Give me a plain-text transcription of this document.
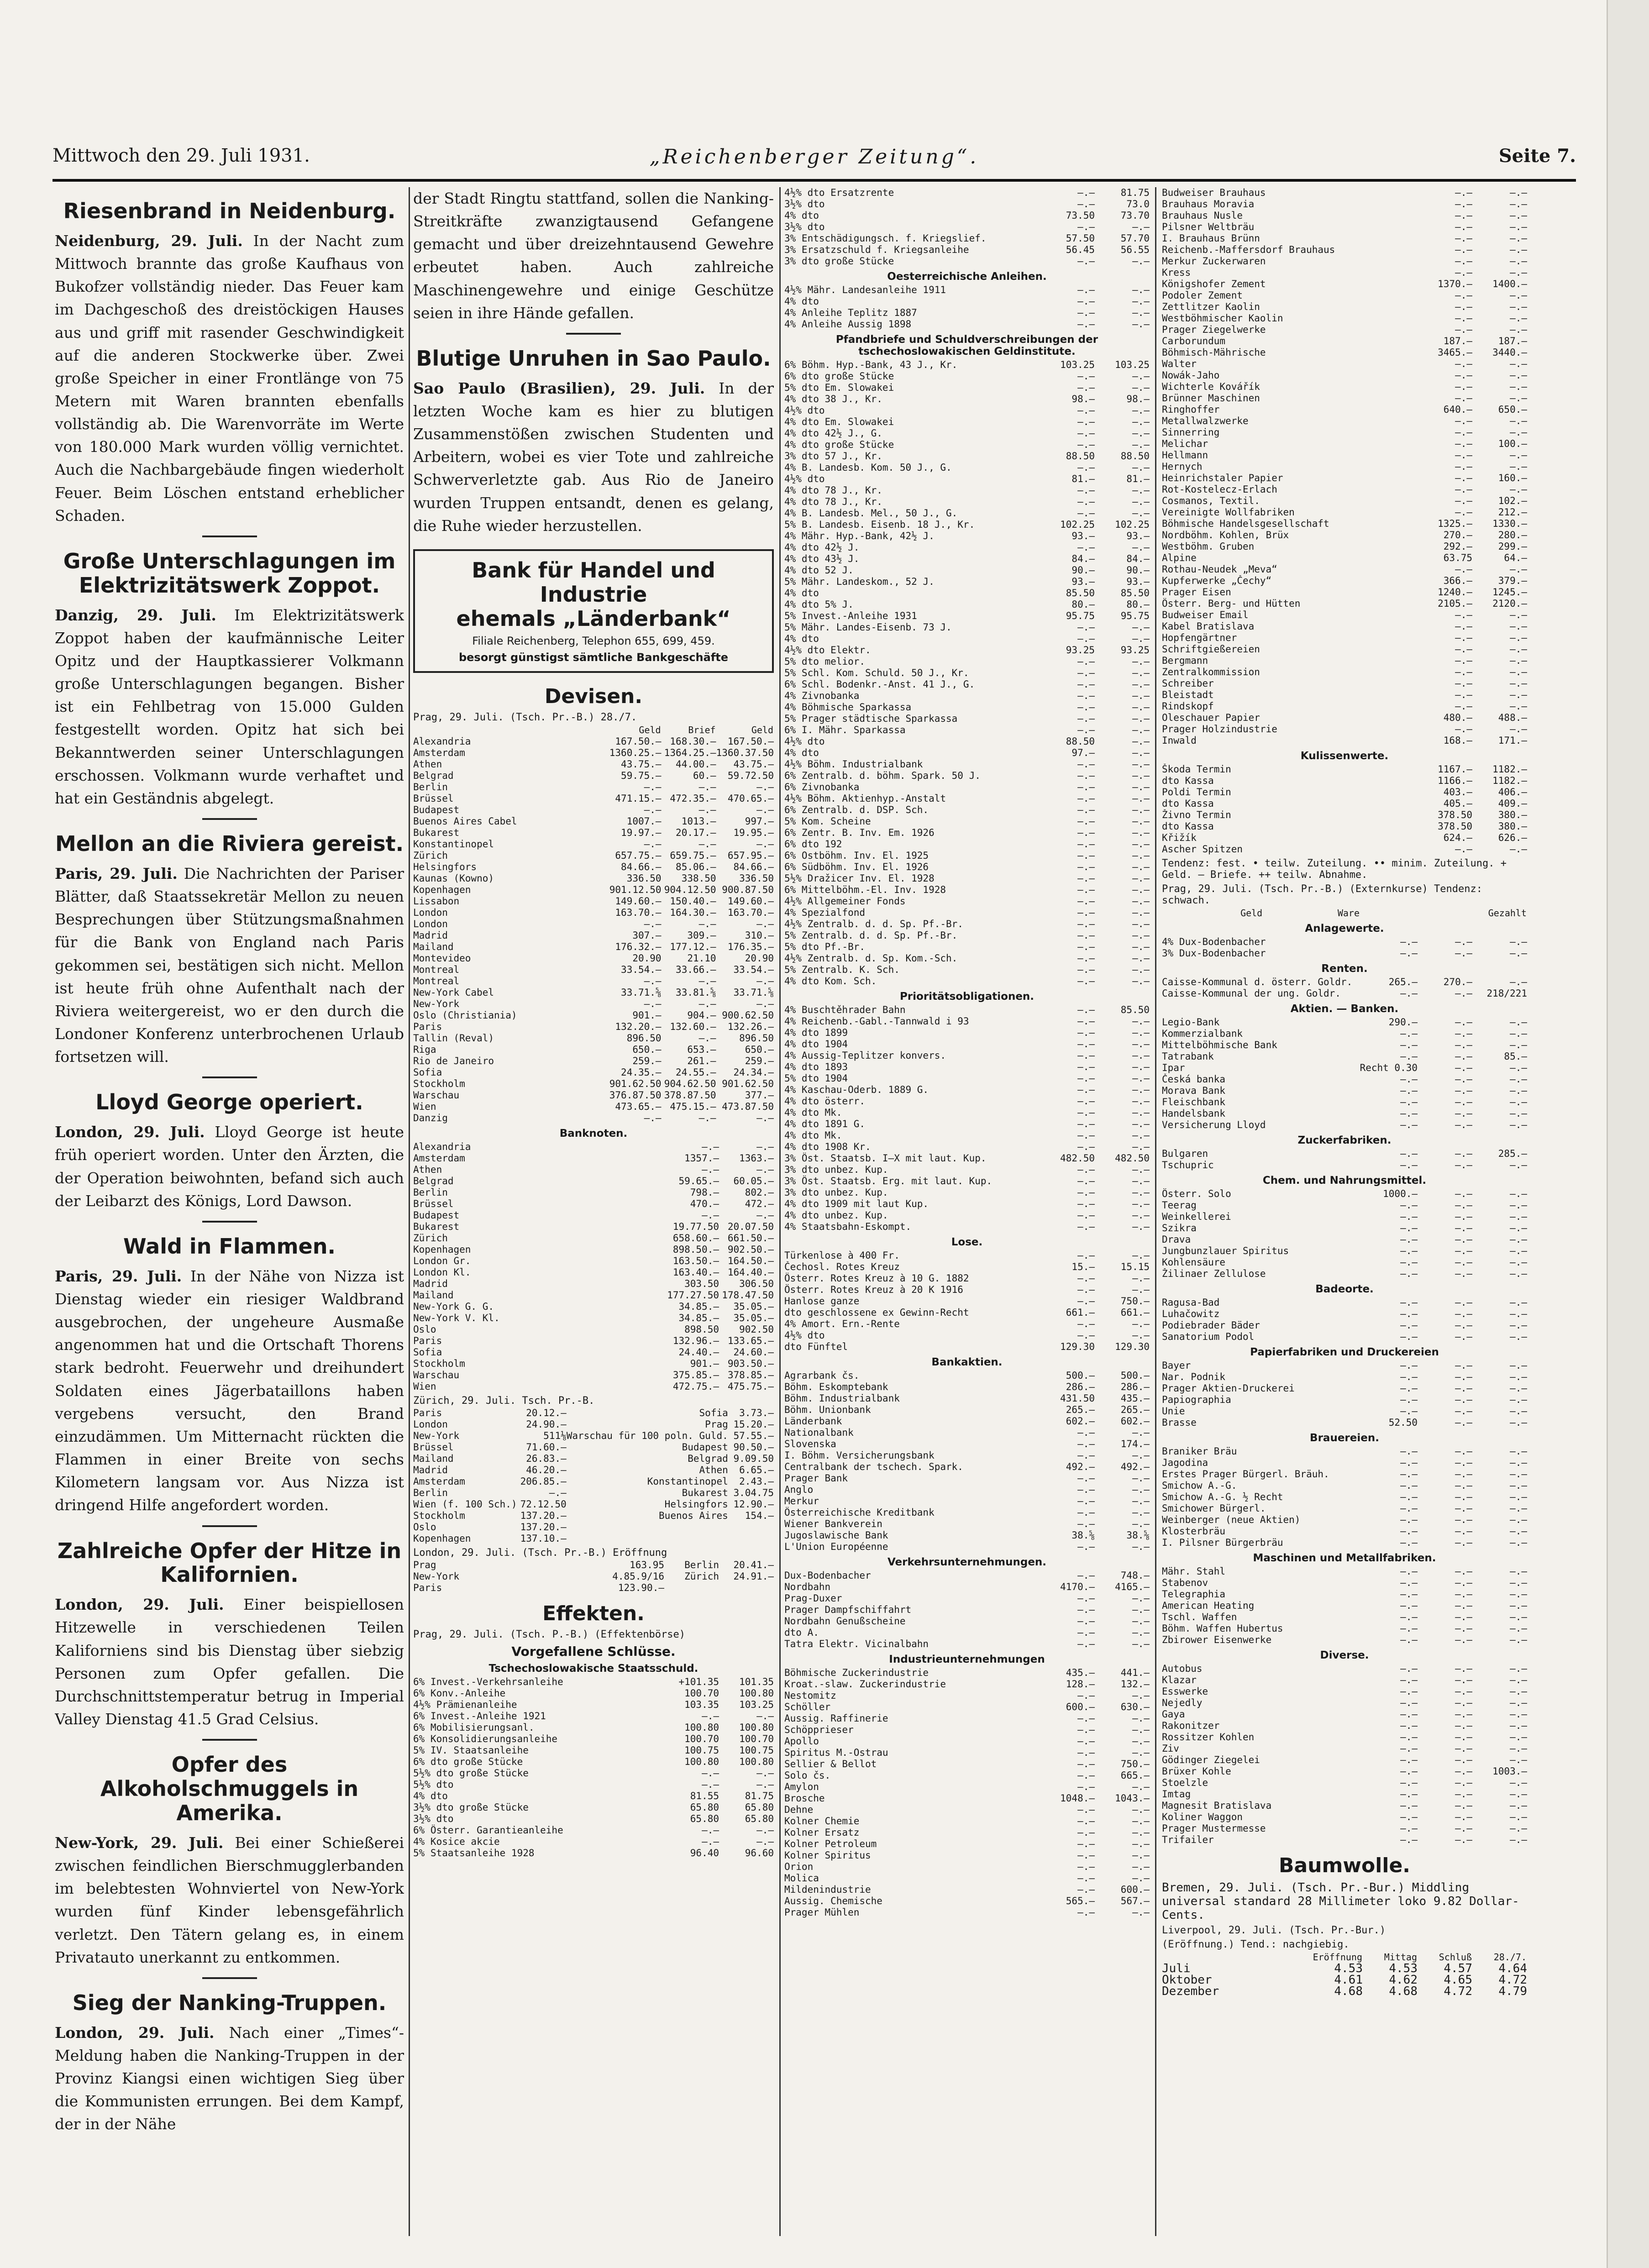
Mittwoch den 29. Juli 1931.	„Reichenberger Zeitung“.	Seite 7.
Riesenbrand in Neidenburg.

Neidenburg, 29. Juli. In der Nacht zum Mittwoch brannte das große Kaufhaus von Bukofzer vollständig nieder. Das Feuer kam im Dachgeschoß des dreistöckigen Hauses aus und griff mit rasender Geschwindigkeit auf die anderen Stockwerke über. Zwei große Speicher in einer Frontlänge von 75 Metern mit Waren brannten ebenfalls vollständig ab. Die Warenvorräte im Werte von 180.000 Mark wurden völlig vernichtet. Auch die Nachbargebäude fingen wiederholt Feuer. Beim Löschen entstand erheblicher Schaden.

Große Unterschlagungen im Elektrizitätswerk Zoppot.

Danzig, 29. Juli. Im Elektrizitätswerk Zoppot haben der kaufmännische Leiter Opitz und der Hauptkassierer Volkmann große Unterschlagungen begangen. Bisher ist ein Fehlbetrag von 15.000 Gulden festgestellt worden. Opitz hat sich bei Bekanntwerden seiner Unterschlagungen erschossen. Volkmann wurde verhaftet und hat ein Geständnis abgelegt.

Mellon an die Riviera gereist.

Paris, 29. Juli. Die Nachrichten der Pariser Blätter, daß Staatssekretär Mellon zu neuen Besprechungen über Stützungsmaßnahmen für die Bank von England nach Paris gekommen sei, bestätigen sich nicht. Mellon ist heute früh ohne Aufenthalt nach der Riviera weitergereist, wo er den durch die Londoner Konferenz unterbrochenen Urlaub fortsetzen will.

Lloyd George operiert.

London, 29. Juli. Lloyd George ist heute früh operiert worden. Unter den Ärzten, die der Operation beiwohnten, befand sich auch der Leibarzt des Königs, Lord Dawson.

Wald in Flammen.

Paris, 29. Juli. In der Nähe von Nizza ist Dienstag wieder ein riesiger Waldbrand ausgebrochen, der ungeheure Ausmaße angenommen hat und die Ortschaft Thorens stark bedroht. Feuerwehr und dreihundert Soldaten eines Jägerbataillons haben vergebens versucht, den Brand einzudämmen. Um Mitternacht rückten die Flammen in einer Breite von sechs Kilometern langsam vor. Aus Nizza ist dringend Hilfe angefordert worden.

Zahlreiche Opfer der Hitze in Kalifornien.

London, 29. Juli. Einer beispiellosen Hitzewelle in verschiedenen Teilen Kaliforniens sind bis Dienstag über siebzig Personen zum Opfer gefallen. Die Durchschnittstemperatur betrug in Imperial Valley Dienstag 41.5 Grad Celsius.

Opfer des Alkoholschmuggels in Amerika.

New-York, 29. Juli. Bei einer Schießerei zwischen feindlichen Bierschmugglerbanden im belebtesten Wohnviertel von New-York wurden fünf Kinder lebensgefährlich verletzt. Den Tätern gelang es, in einem Privatauto unerkannt zu entkommen.

Sieg der Nanking-Truppen.

London, 29. Juli. Nach einer „Times“-Meldung haben die Nanking-Truppen in der Provinz Kiangsi einen wichtigen Sieg über die Kommunisten errungen. Bei dem Kampf, der in der Nähe

der Stadt Ringtu stattfand, sollen die Nanking-Streitkräfte zwanzigtausend Gefangene gemacht und über dreizehntausend Gewehre erbeutet haben. Auch zahlreiche Maschinengewehre und einige Geschütze seien in ihre Hände gefallen.

Blutige Unruhen in Sao Paulo.

Sao Paulo (Brasilien), 29. Juli. In der letzten Woche kam es hier zu blutigen Zusammenstößen zwischen Studenten und Arbeitern, wobei es vier Tote und zahlreiche Schwerverletzte gab. Aus Rio de Janeiro wurden Truppen entsandt, denen es gelang, die Ruhe wieder herzustellen.

Bank für Handel und Industrie
ehemals „Länderbank“
Filiale Reichenberg, Telephon 655, 699, 459.
besorgt günstigst sämtliche Bankgeschäfte
Devisen.
Prag, 29. Juli. (Tsch. Pr.-B.) 28./7.
	Geld	Brief	Geld
Alexandria	167.50.—	168.30.—	167.50.—
Amsterdam	1360.25.—	1364.25.—	1360.37.50
Athen	43.75.—	44.00.—	43.75.—
Belgrad	59.75.—	60.—	59.72.50
Berlin	—.—	—.—	—.—
Brüssel	471.15.—	472.35.—	470.65.—
Budapest	—.—	—.—	—.—
Buenos Aires Cabel	1007.—	1013.—	997.—
Bukarest	19.97.—	20.17.—	19.95.—
Konstantinopel	—.—	—.—	—.—
Zürich	657.75.—	659.75.—	657.95.—
Helsingfors	84.66.—	85.06.—	84.66.—
Kaunas (Kowno)	336.50	338.50	336.50
Kopenhagen	901.12.50	904.12.50	900.87.50
Lissabon	149.60.—	150.40.—	149.60.—
London	163.70.—	164.30.—	163.70.—
London	—.—	—.—	—.—
Madrid	307.—	309.—	310.—
Mailand	176.32.—	177.12.—	176.35.—
Montevideo	20.90	21.10	20.90
Montreal	33.54.—	33.66.—	33.54.—
Montreal	—.—	—.—	—.—
New-York Cabel	33.71.⅝	33.81.⅝	33.71.⅝
New-York	—.—	—.—	—.—
Oslo (Christiania)	901.—	904.—	900.62.50
Paris	132.20.—	132.60.—	132.26.—
Tallin (Reval)	896.50	—.—	896.50
Riga	650.—	653.—	650.—
Rio de Janeiro	259.—	261.—	259.—
Sofia	24.35.—	24.55.—	24.34.—
Stockholm	901.62.50	904.62.50	901.62.50
Warschau	376.87.50	378.87.50	377.—
Wien	473.65.—	475.15.—	473.87.50
Danzig	—.—	—.—	—.—
Banknoten.
Alexandria	—.—	—.—
Amsterdam	1357.—	1363.—
Athen	—.—	—.—
Belgrad	59.65.—	60.05.—
Berlin	798.—	802.—
Brüssel	470.—	472.—
Budapest	—.—	—.—
Bukarest	19.77.50	20.07.50
Zürich	658.60.—	661.50.—
Kopenhagen	898.50.—	902.50.—
London Gr.	163.50.—	164.50.—
London Kl.	163.40.—	164.40.—
Madrid	303.50	306.50
Mailand	177.27.50	178.47.50
New-York G. G.	34.85.—	35.05.—
New-York V. Kl.	34.85.—	35.05.—
Oslo	898.50	902.50
Paris	132.96.—	133.65.—
Sofia	24.40.—	24.60.—
Stockholm	901.—	903.50.—
Warschau	375.85.—	378.85.—
Wien	472.75.—	475.75.—
Zürich, 29. Juli. Tsch. Pr.-B.
Paris	20.12.—	Sofia	3.73.—
London	24.90.—	Prag	15.20.—
New-York	511⅛	Warschau für 100 poln. Guld.	57.55.—
Brüssel	71.60.—	Budapest	90.50.—
Mailand	26.83.—	Belgrad	9.09.50
Madrid	46.20.—	Athen	6.65.—
Amsterdam	206.85.—	Konstantinopel	2.43.—
Berlin	—.—	Bukarest	3.04.75
Wien (f. 100 Sch.)	72.12.50	Helsingfors	12.90.—
Stockholm	137.20.—	Buenos Aires	154.—
Oslo	137.20.—		
Kopenhagen	137.10.—		
London, 29. Juli. (Tsch. Pr.-B.) Eröffnung
Prag	163.95	Berlin	20.41.—
New-York	4.85.9/16	Zürich	24.91.—
Paris	123.90.—		
Effekten.
Prag, 29. Juli. (Tsch. P.-B.) (Effektenbörse)
Vorgefallene Schlüsse.
Tschechoslowakische Staatsschuld.
6% Invest.-Verkehrsanleihe	+101.35	101.35
6% Konv.-Anleihe	100.70	100.80
4½% Prämienanleihe	103.35	103.25
6% Invest.-Anleihe 1921	—.—	—.—
6% Mobilisierungsanl.	100.80	100.80
6% Konsolidierungsanleihe	100.70	100.70
5% IV. Staatsanleihe	100.75	100.75
6% dto große Stücke	100.80	100.80
5½% dto große Stücke	—.—	—.—
5½% dto	—.—	—.—
4% dto	81.55	81.75
3½% dto große Stücke	65.80	65.80
3½% dto	65.80	65.80
6% Österr. Garantieanleihe	—.—	—.—
4% Kosice akcie	—.—	—.—
5% Staatsanleihe 1928	96.40	96.60
4½% dto Ersatzrente	—.—	81.75
3½% dto	—.—	73.0
4% dto	73.50	73.70
3½% dto	—.—	—.—
3% Entschädigungsch. f. Kriegslief.	57.50	57.70
3% Ersatzschuld f. Kriegsanleihe	56.45	56.55
3% dto große Stücke	—.—	—.—
Oesterreichische Anleihen.
4½% Mähr. Landesanleihe 1911	—.—	—.—
4% dto	—.—	—.—
4% Anleihe Teplitz 1887	—.—	—.—
4% Anleihe Aussig 1898	—.—	—.—
Pfandbriefe und Schuldverschreibungen der tschechoslowakischen Geldinstitute.
6% Böhm. Hyp.-Bank, 43 J., Kr.	103.25	103.25
6% dto große Stücke	—.—	—.—
5% dto Em. Slowakei	—.—	—.—
4% dto 38 J., Kr.	98.—	98.—
4½% dto	—.—	—.—
4% dto Em. Slowakei	—.—	—.—
4% dto 42½ J., G.	—.—	—.—
4% dto große Stücke	—.—	—.—
3% dto 57 J., Kr.	88.50	88.50
4% B. Landesb. Kom. 50 J., G.	—.—	—.—
4½% dto	81.—	81.—
4% dto 78 J., Kr.	—.—	—.—
4% dto 78 J., Kr.	—.—	—.—
4% B. Landesb. Mel., 50 J., G.	—.—	—.—
5% B. Landesb. Eisenb. 18 J., Kr.	102.25	102.25
4% Mähr. Hyp.-Bank, 42½ J.	93.—	93.—
4% dto 42½ J.	—.—	—.—
4% dto 43½ J.	84.—	84.—
4% dto 52 J.	90.—	90.—
5% Mähr. Landeskom., 52 J.	93.—	93.—
4% dto	85.50	85.50
4% dto 5% J.	80.—	80.—
5% Invest.-Anleihe 1931	95.75	95.75
5% Mähr. Landes-Eisenb. 73 J.	—.—	—.—
4% dto	—.—	—.—
4½% dto Elektr.	93.25	93.25
5% dto melior.	—.—	—.—
5% Schl. Kom. Schuld. 50 J., Kr.	—.—	—.—
6% Schl. Bodenkr.-Anst. 41 J., G.	—.—	—.—
4% Zivnobanka	—.—	—.—
4% Böhmische Sparkassa	—.—	—.—
5% Prager städtische Sparkassa	—.—	—.—
6% I. Mähr. Sparkassa	—.—	—.—
4½% dto	88.50	—.—
4% dto	97.—	—.—
4½% Böhm. Industrialbank	—.—	—.—
6% Zentralb. d. böhm. Spark. 50 J.	—.—	—.—
6% Zivnobanka	—.—	—.—
4½% Böhm. Aktienhyp.-Anstalt	—.—	—.—
6% Zentralb. d. DSP. Sch.	—.—	—.—
5% Kom. Scheine	—.—	—.—
6% Zentr. B. Inv. Em. 1926	—.—	—.—
6% dto 192	—.—	—.—
6% Ostböhm. Inv. El. 1925	—.—	—.—
6% Südböhm. Inv. El. 1926	—.—	—.—
5½% Dražicer Inv. El. 1928	—.—	—.—
6% Mittelböhm.-El. Inv. 1928	—.—	—.—
4½% Allgemeiner Fonds	—.—	—.—
4% Spezialfond	—.—	—.—
4½% Zentralb. d. d. Sp. Pf.-Br.	—.—	—.—
5% Zentralb. d. d. Sp. Pf.-Br.	—.—	—.—
5% dto Pf.-Br.	—.—	—.—
4½% Zentralb. d. Sp. Kom.-Sch.	—.—	—.—
5% Zentralb. K. Sch.	—.—	—.—
4% dto Kom. Sch.	—.—	—.—
Prioritätsobligationen.
4% Buschtěhrader Bahn	—.—	85.50
4% Reichenb.-Gabl.-Tannwald i 93	—.—	—.—
4% dto 1899	—.—	—.—
4% dto 1904	—.—	—.—
4% Aussig-Teplitzer konvers.	—.—	—.—
4% dto 1893	—.—	—.—
5% dto 1904	—.—	—.—
4% Kaschau-Oderb. 1889 G.	—.—	—.—
4% dto österr.	—.—	—.—
4% dto Mk.	—.—	—.—
4% dto 1891 G.	—.—	—.—
4% dto Mk.	—.—	—.—
4% dto 1908 Kr.	—.—	—.—
3% Öst. Staatsb. I—X mit laut. Kup.	482.50	482.50
3% dto unbez. Kup.	—.—	—.—
3% Öst. Staatsb. Erg. mit laut. Kup.	—.—	—.—
3% dto unbez. Kup.	—.—	—.—
4% dto 1909 mit laut Kup.	—.—	—.—
4% dto unbez. Kup.	—.—	—.—
4% Staatsbahn-Eskompt.	—.—	—.—
Lose.
Türkenlose à 400 Fr.	—.—	—.—
Čechosl. Rotes Kreuz	15.—	15.15
Österr. Rotes Kreuz à 10 G. 1882	—.—	—.—
Österr. Rotes Kreuz à 20 K 1916	—.—	—.—
Hanlose ganze	—.—	750.—
dto geschlossene ex Gewinn-Recht	661.—	661.—
4% Amort. Ern.-Rente	—.—	—.—
4½% dto	—.—	—.—
dto Fünftel	129.30	129.30
Bankaktien.
Agrarbank čs.	500.—	500.—
Böhm. Eskomptebank	286.—	286.—
Böhm. Industrialbank	431.50	435.—
Böhm. Unionbank	265.—	265.—
Länderbank	602.—	602.—
Nationalbank	—.—	—.—
Slovenska	—.—	174.—
I. Böhm. Versicherungsbank	—.—	—.—
Centralbank der tschech. Spark.	492.—	492.—
Prager Bank	—.—	—.—
Anglo	—.—	—.—
Merkur	—.—	—.—
Österreichische Kreditbank	—.—	—.—
Wiener Bankverein	—.—	—.—
Jugoslawische Bank	38.⅝	38.⅝
L'Union Européenne	—.—	—.—
Verkehrsunternehmungen.
Dux-Bodenbacher	—.—	748.—
Nordbahn	4170.—	4165.—
Prag-Duxer	—.—	—.—
Prager Dampfschiffahrt	—.—	—.—
Nordbahn Genußscheine	—.—	—.—
dto A.	—.—	—.—
Tatra Elektr. Vicinalbahn	—.—	—.—
Industrieunternehmungen
Böhmische Zuckerindustrie	435.—	441.—
Kroat.-slaw. Zuckerindustrie	128.—	132.—
Nestomitz	—.—	—.—
Schöller	600.—	630.—
Aussig. Raffinerie	—.—	—.—
Schöpprieser	—.—	—.—
Apollo	—.—	—.—
Spiritus M.-Ostrau	—.—	—.—
Sellier & Bellot	—.—	750.—
Solo čs.	—.—	665.—
Amylon	—.—	—.—
Brosche	1048.—	1043.—
Dehne	—.—	—.—
Kolner Chemie	—.—	—.—
Kolner Ersatz	—.—	—.—
Kolner Petroleum	—.—	—.—
Kolner Spiritus	—.—	—.—
Orion	—.—	—.—
Molica	—.—	—.—
Mildenindustrie	—.—	600.—
Aussig. Chemische	565.—	567.—
Prager Mühlen	—.—	—.—
Budweiser Brauhaus	—.—	—.—
Brauhaus Moravia	—.—	—.—
Brauhaus Nusle	—.—	—.—
Pilsner Weltbräu	—.—	—.—
I. Brauhaus Brünn	—.—	—.—
Reichenb.-Maffersdorf Brauhaus	—.—	—.—
Merkur Zuckerwaren	—.—	—.—
Kress	—.—	—.—
Königshofer Zement	1370.—	1400.—
Podoler Zement	—.—	—.—
Zettlitzer Kaolin	—.—	—.—
Westböhmischer Kaolin	—.—	—.—
Prager Ziegelwerke	—.—	—.—
Carborundum	187.—	187.—
Böhmisch-Mährische	3465.—	3440.—
Walter	—.—	—.—
Nowák-Jaho	—.—	—.—
Wichterle Kovářík	—.—	—.—
Brünner Maschinen	—.—	—.—
Ringhoffer	640.—	650.—
Metallwalzwerke	—.—	—.—
Sinnerring	—.—	—.—
Melichar	—.—	100.—
Hellmann	—.—	—.—
Hernych	—.—	—.—
Heinrichstaler Papier	—.—	160.—
Rot-Kostelecz-Erlach	—.—	—.—
Cosmanos, Textil.	—.—	102.—
Vereinigte Wollfabriken	—.—	212.—
Böhmische Handelsgesellschaft	1325.—	1330.—
Nordböhm. Kohlen, Brüx	270.—	280.—
Westböhm. Gruben	292.—	299.—
Alpine	63.75	64.—
Rothau-Neudek „Meva“	—.—	—.—
Kupferwerke „Čechy“	366.—	379.—
Prager Eisen	1240.—	1245.—
Österr. Berg- und Hütten	2105.—	2120.—
Budweiser Email	—.—	—.—
Kabel Bratislava	—.—	—.—
Hopfengärtner	—.—	—.—
Schriftgießereien	—.—	—.—
Bergmann	—.—	—.—
Zentralkommission	—.—	—.—
Schreiber	—.—	—.—
Bleistadt	—.—	—.—
Rindskopf	—.—	—.—
Oleschauer Papier	480.—	488.—
Prager Holzindustrie	—.—	—.—
Inwald	168.—	171.—
Kulissenwerte.
Škoda Termin	1167.—	1182.—
dto Kassa	1166.—	1182.—
Poldi Termin	403.—	406.—
dto Kassa	405.—	409.—
Živno Termin	378.50	380.—
dto Kassa	378.50	380.—
Křižík	624.—	626.—
Ascher Spitzen	—.—	—.—
Tendenz: fest. • teilw. Zuteilung. •• minim. Zuteilung. + Geld. — Briefe. ++ teilw. Abnahme.
Prag, 29. Juli. (Tsch. Pr.-B.) (Externkurse) Tendenz: schwach.
	Geld	Ware	Gezahlt
Anlagewerte.
4% Dux-Bodenbacher	—.—	—.—	—.—
3% Dux-Bodenbacher	—.—	—.—	—.—
Renten.
Caisse-Kommunal d. österr. Goldr.	265.—	270.—	—.—
Caisse-Kommunal der ung. Goldr.	—.—	—.—	218/221
Aktien. — Banken.
Legio-Bank	290.—	—.—	—.—
Kommerzialbank	—.—	—.—	—.—
Mittelböhmische Bank	—.—	—.—	—.—
Tatrabank	—.—	—.—	85.—
Ipar	Recht 0.30	—.—	—.—
Česká banka	—.—	—.—	—.—
Morava Bank	—.—	—.—	—.—
Fleischbank	—.—	—.—	—.—
Handelsbank	—.—	—.—	—.—
Versicherung Lloyd	—.—	—.—	—.—
Zuckerfabriken.
Bulgaren	—.—	—.—	285.—
Tschupric	—.—	—.—	—.—
Chem. und Nahrungsmittel.
Österr. Solo	1000.—	—.—	—.—
Teerag	—.—	—.—	—.—
Weinkellerei	—.—	—.—	—.—
Szikra	—.—	—.—	—.—
Drava	—.—	—.—	—.—
Jungbunzlauer Spiritus	—.—	—.—	—.—
Kohlensäure	—.—	—.—	—.—
Žilinaer Zellulose	—.—	—.—	—.—
Badeorte.
Ragusa-Bad	—.—	—.—	—.—
Luhačowitz	—.—	—.—	—.—
Podiebrader Bäder	—.—	—.—	—.—
Sanatorium Podol	—.—	—.—	—.—
Papierfabriken und Druckereien
Bayer	—.—	—.—	—.—
Nar. Podnik	—.—	—.—	—.—
Prager Aktien-Druckerei	—.—	—.—	—.—
Papiographia	—.—	—.—	—.—
Unie	—.—	—.—	—.—
Brasse	52.50	—.—	—.—
Brauereien.
Braniker Bräu	—.—	—.—	—.—
Jagodina	—.—	—.—	—.—
Erstes Prager Bürgerl. Bräuh.	—.—	—.—	—.—
Smichow A.-G.	—.—	—.—	—.—
Smichow A.-G. ½ Recht	—.—	—.—	—.—
Smichower Bürgerl.	—.—	—.—	—.—
Weinberger (neue Aktien)	—.—	—.—	—.—
Klosterbräu	—.—	—.—	—.—
I. Pilsner Bürgerbräu	—.—	—.—	—.—
Maschinen und Metallfabriken.
Mähr. Stahl	—.—	—.—	—.—
Stabenov	—.—	—.—	—.—
Telegraphia	—.—	—.—	—.—
American Heating	—.—	—.—	—.—
Tschl. Waffen	—.—	—.—	—.—
Böhm. Waffen Hubertus	—.—	—.—	—.—
Zbirower Eisenwerke	—.—	—.—	—.—
Diverse.
Autobus	—.—	—.—	—.—
Klazar	—.—	—.—	—.—
Esswerke	—.—	—.—	—.—
Nejedly	—.—	—.—	—.—
Gaya	—.—	—.—	—.—
Rakonitzer	—.—	—.—	—.—
Rossitzer Kohlen	—.—	—.—	—.—
Ziv	—.—	—.—	—.—
Gödinger Ziegelei	—.—	—.—	—.—
Brüxer Kohle	—.—	—.—	1003.—
Stoelzle	—.—	—.—	—.—
Imtag	—.—	—.—	—.—
Magnesit Bratislava	—.—	—.—	—.—
Koliner Waggon	—.—	—.—	—.—
Prager Mustermesse	—.—	—.—	—.—
Trifailer	—.—	—.—	—.—
Baumwolle.

Bremen, 29. Juli. (Tsch. Pr.-Bur.) Middling universal standard 28 Millimeter loko 9.82 Dollar-Cents.

Liverpool, 29. Juli. (Tsch. Pr.-Bur.)
(Eröffnung.) Tend.: nachgiebig.
	Eröffnung	Mittag	Schluß	28./7.
Juli	4.53	4.53	4.57	4.64
Oktober	4.61	4.62	4.65	4.72
Dezember	4.68	4.68	4.72	4.79
